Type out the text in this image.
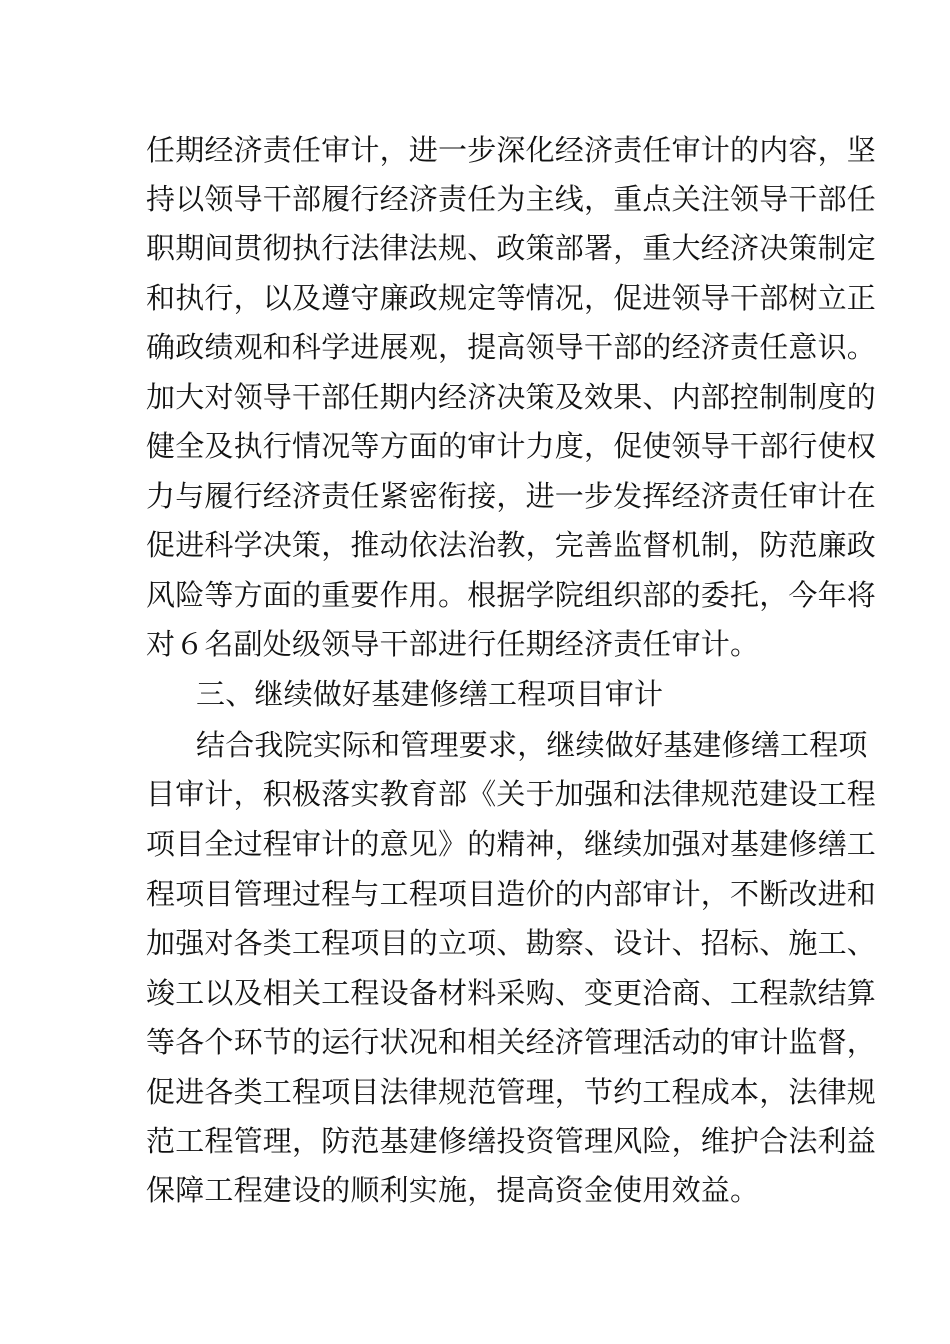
任期经济责任审计，进一步深化经济责任审计的内容，坚
持以领导干部履行经济责任为主线，重点关注领导干部任
职期间贯彻执行法律法规、政策部署，重大经济决策制定
和执行，以及遵守廉政规定等情况，促进领导干部树立正
确政绩观和科学进展观，提高领导干部的经济责任意识。
加大对领导干部任期内经济决策及效果、内部控制制度的
健全及执行情况等方面的审计力度，促使领导干部行使权
力与履行经济责任紧密衔接，进一步发挥经济责任审计在
促进科学决策，推动依法治教，完善监督机制，防范廉政
风险等方面的重要作用。根据学院组织部的委托，今年将
对６名副处级领导干部进行任期经济责任审计。
三、继续做好基建修缮工程项目审计
结合我院实际和管理要求，继续做好基建修缮工程项
目审计，积极落实教育部《关于加强和法律规范建设工程
项目全过程审计的意见》的精神，继续加强对基建修缮工
程项目管理过程与工程项目造价的内部审计，不断改进和
加强对各类工程项目的立项、勘察、设计、招标、施工、
竣工以及相关工程设备材料采购、变更洽商、工程款结算
等各个环节的运行状况和相关经济管理活动的审计监督，
促进各类工程项目法律规范管理，节约工程成本，法律规
范工程管理，防范基建修缮投资管理风险，维护合法利益
保障工程建设的顺利实施，提高资金使用效益。
